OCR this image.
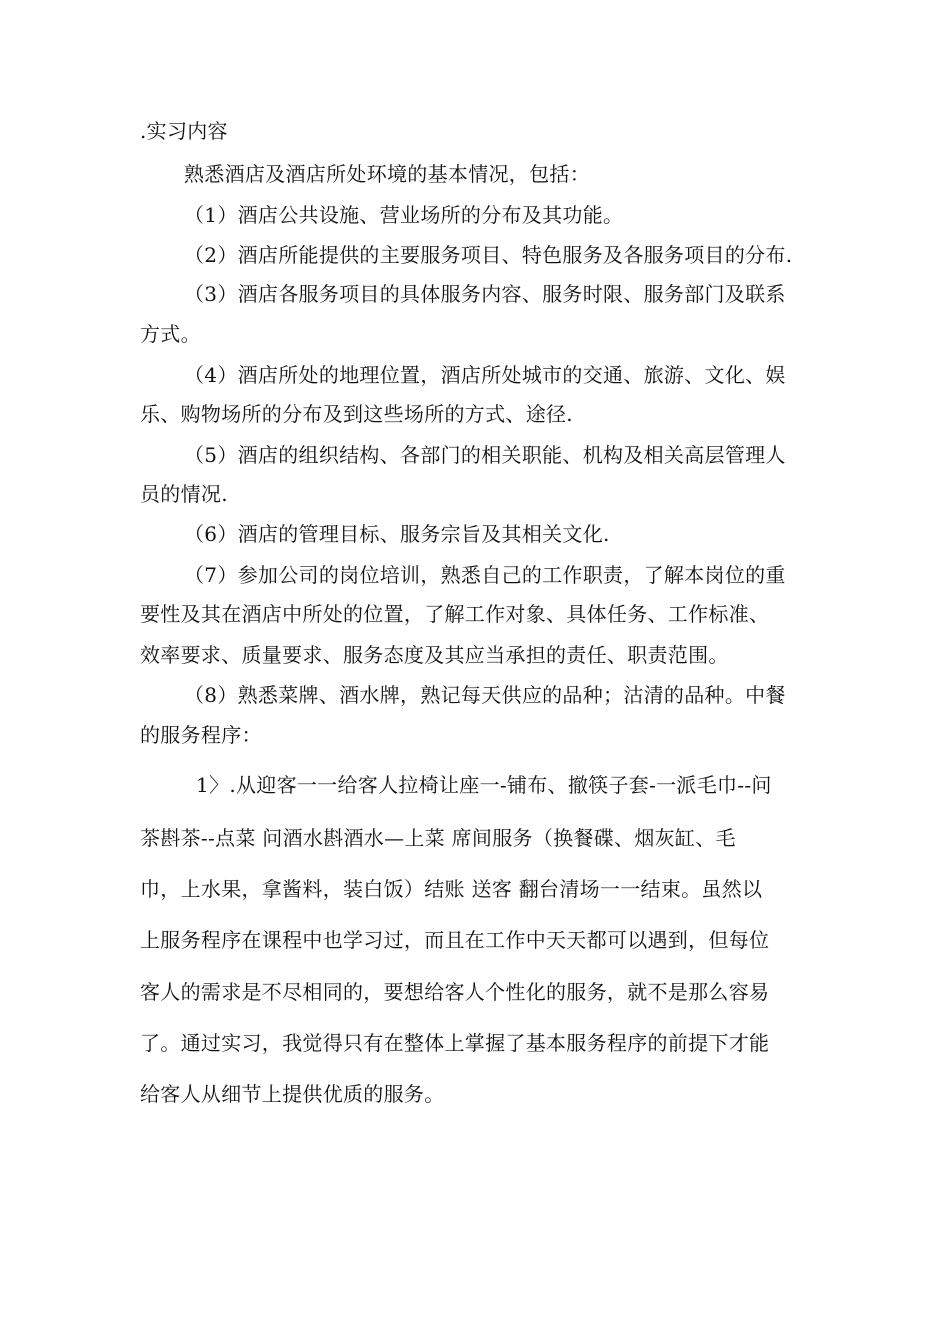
.实习内容
熟悉酒店及酒店所处环境的基本情况，包括：
（1）酒店公共设施、营业场所的分布及其功能。
（2）酒店所能提供的主要服务项目、特色服务及各服务项目的分布.
（3）酒店各服务项目的具体服务内容、服务时限、服务部门及联系
方式。
（4）酒店所处的地理位置，酒店所处城市的交通、旅游、文化、娱
乐、购物场所的分布及到这些场所的方式、途径.
（5）酒店的组织结构、各部门的相关职能、机构及相关高层管理人
员的情况.
（6）酒店的管理目标、服务宗旨及其相关文化.
（7）参加公司的岗位培训，熟悉自己的工作职责，了解本岗位的重
要性及其在酒店中所处的位置，了解工作对象、具体任务、工作标准、
效率要求、质量要求、服务态度及其应当承担的责任、职责范围。
（8）熟悉菜牌、酒水牌，熟记每天供应的品种；沽清的品种。中餐
的服务程序：
1〉.从迎客一一给客人拉椅让座一-铺布、撤筷子套-一派毛巾--问
茶斟茶--点菜 问酒水斟酒水—上菜 席间服务（换餐碟、烟灰缸、毛
巾，上水果，拿酱料，装白饭）结账 送客 翻台清场一一结束。虽然以
上服务程序在课程中也学习过，而且在工作中天天都可以遇到，但每位
客人的需求是不尽相同的，要想给客人个性化的服务，就不是那么容易
了。通过实习，我觉得只有在整体上掌握了基本服务程序的前提下才能
给客人从细节上提供优质的服务。
